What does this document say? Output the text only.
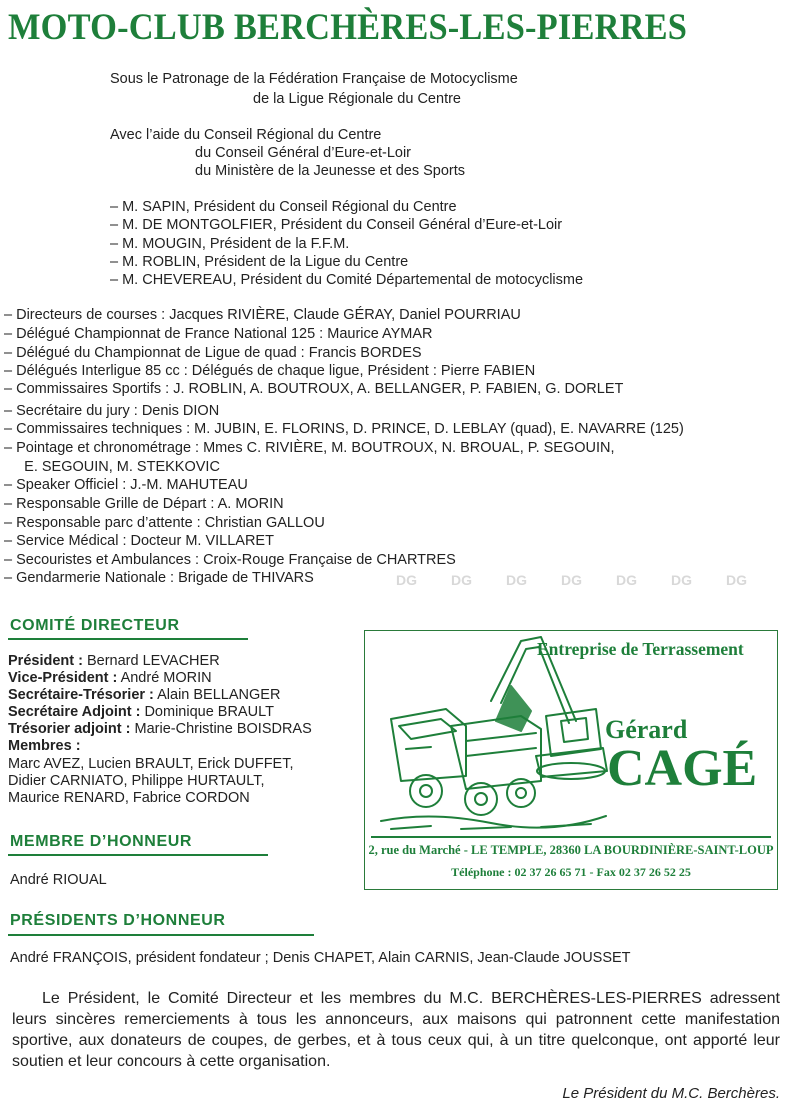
MOTO-CLUB BERCHÈRES-LES-PIERRES
Sous le Patronage de la Fédération Française de Motocyclisme
de la Ligue Régionale du Centre
Avec l’aide du Conseil Régional du Centre
du Conseil Général d’Eure-et-Loir
du Ministère de la Jeunesse et des Sports
– M. SAPIN, Président du Conseil Régional du Centre
– M. DE MONTGOLFIER, Président du Conseil Général d’Eure-et-Loir
– M. MOUGIN, Président de la F.F.M.
– M. ROBLIN, Président de la Ligue du Centre
– M. CHEVEREAU, Président du Comité Départemental de motocyclisme
– Directeurs de courses : Jacques RIVIÈRE, Claude GÉRAY, Daniel POURRIAU
– Délégué Championnat de France National 125 : Maurice AYMAR
– Délégué du Championnat de Ligue de quad : Francis BORDES
– Délégués Interligue 85 cc : Délégués de chaque ligue, Président : Pierre FABIEN
– Commissaires Sportifs : J. ROBLIN, A. BOUTROUX, A. BELLANGER, P. FABIEN, G. DORLET
– Secrétaire du jury : Denis DION
– Commissaires techniques : M. JUBIN, E. FLORINS, D. PRINCE, D. LEBLAY (quad), E. NAVARRE (125)
– Pointage et chronométrage : Mmes C. RIVIÈRE, M. BOUTROUX, N. BROUAL, P. SEGOUIN,
E. SEGOUIN, M. STEKKOVIC
– Speaker Officiel : J.-M. MAHUTEAU
– Responsable Grille de Départ : A. MORIN
– Responsable parc d’attente : Christian GALLOU
– Service Médical : Docteur M. VILLARET
– Secouristes et Ambulances : Croix-Rouge Française de CHARTRES
– Gendarmerie Nationale : Brigade de THIVARS	DG DG DG DG DG DG DG
COMITÉ DIRECTEUR
Président : Bernard LEVACHER
Vice-Président : André MORIN
Secrétaire-Trésorier : Alain BELLANGER
Secrétaire Adjoint : Dominique BRAULT
Trésorier adjoint : Marie-Christine BOISDRAS
Membres :
Marc AVEZ, Lucien BRAULT, Erick DUFFET,
Didier CARNIATO, Philippe HURTAULT,
Maurice RENARD, Fabrice CORDON
MEMBRE D’HONNEUR
André RIOUAL
PRÉSIDENTS D’HONNEUR
André FRANÇOIS, président fondateur ; Denis CHAPET, Alain CARNIS, Jean-Claude JOUSSET
Le Président, le Comité Directeur et les membres du M.C. BERCHÈRES-LES-PIERRES adressent leurs sincères remerciements à tous les annonceurs, aux maisons qui patronnent cette manifestation sportive, aux donateurs de coupes, de gerbes, et à tous ceux qui, à un titre quelconque, ont apporté leur soutien et leur concours à cette organisation.
Le Président du M.C. Berchères.
Entreprise de Terrassement
Gérard
CAGÉ
2, rue du Marché - LE TEMPLE, 28360 LA BOURDINIÈRE-SAINT-LOUP
Téléphone : 02 37 26 65 71 - Fax 02 37 26 52 25
